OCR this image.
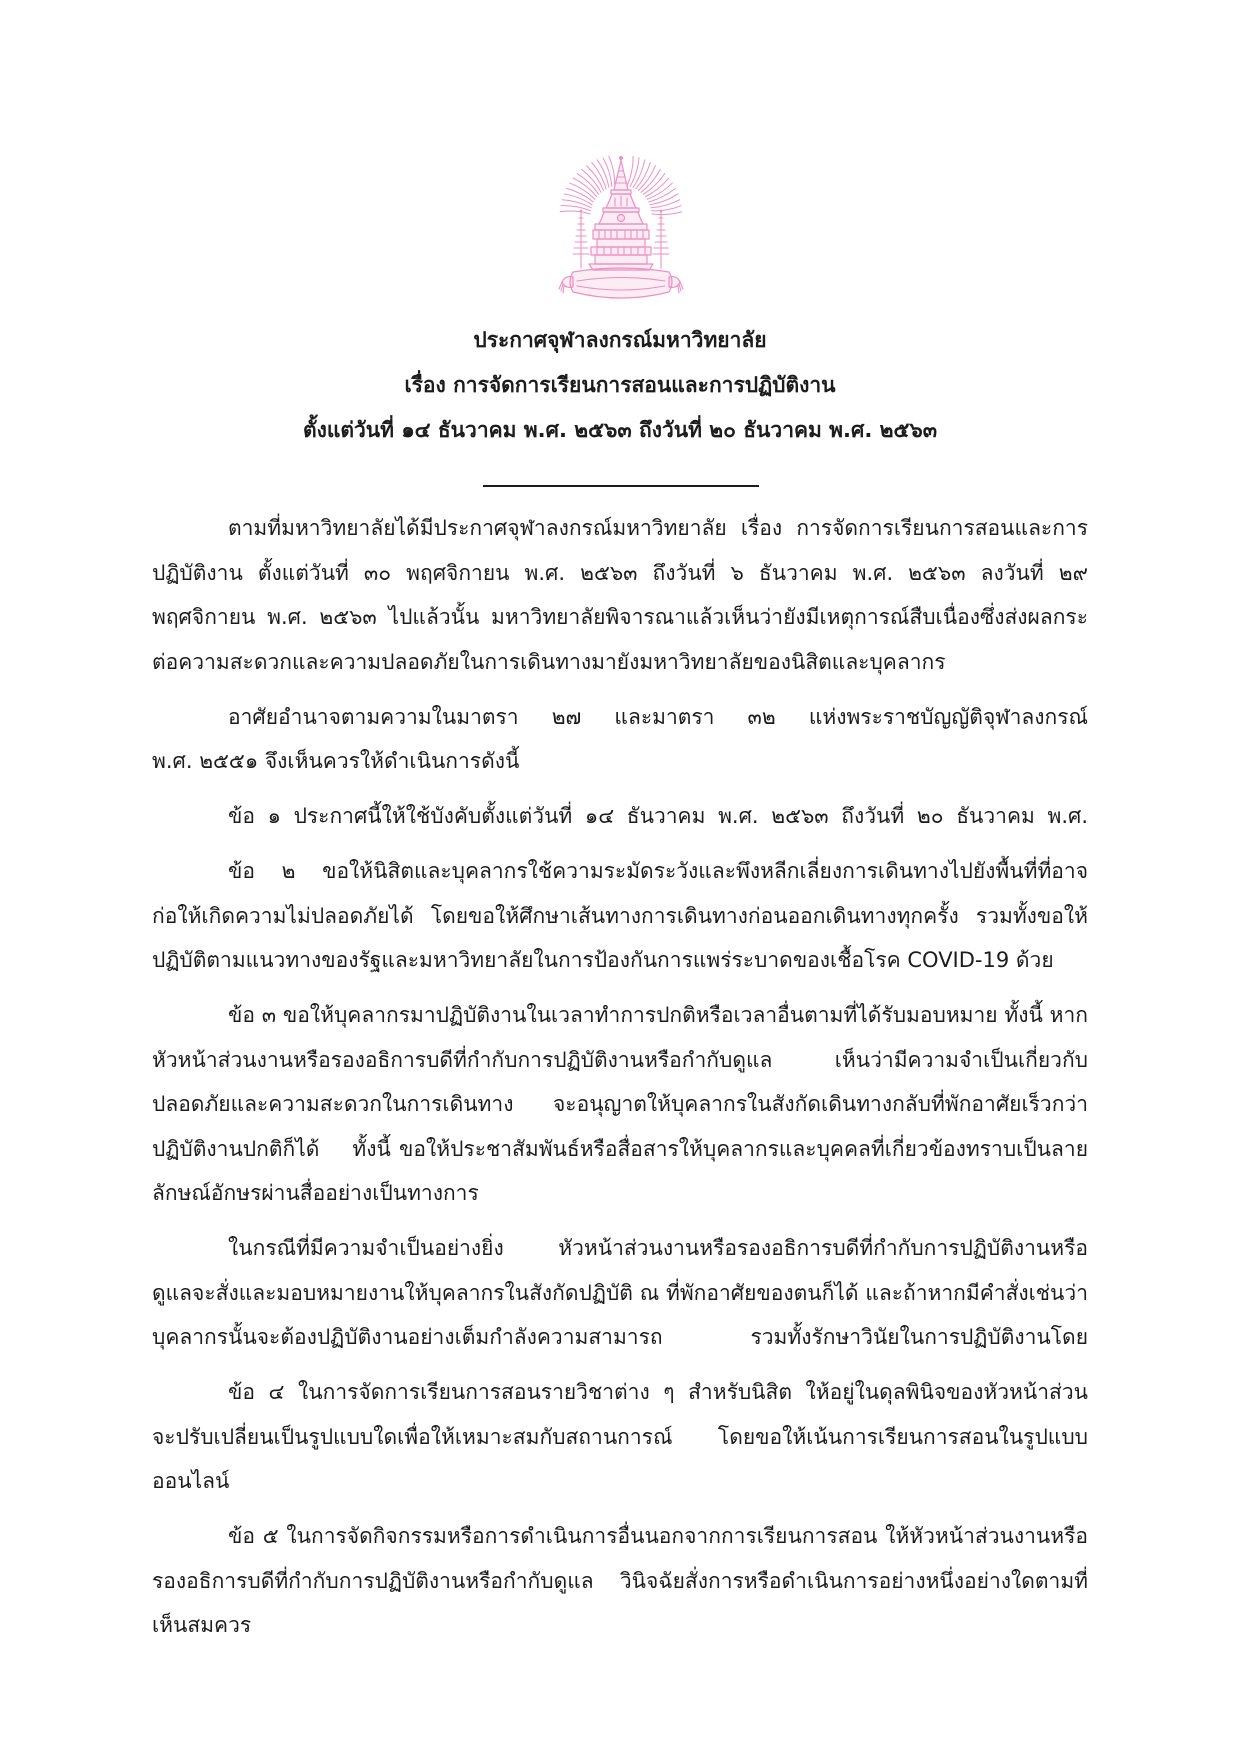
ประกาศจุฬาลงกรณ์มหาวิทยาลัย
เรื่อง การจัดการเรียนการสอนและการปฏิบัติงาน
ตั้งแต่วันที่ ๑๔ ธันวาคม พ.ศ. ๒๕๖๓ ถึงวันที่ ๒๐ ธันวาคม พ.ศ. ๒๕๖๓
ตามที่มหาวิทยาลัยได้มีประกาศจุฬาลงกรณ์มหาวิทยาลัย เรื่อง การจัดการเรียนการสอนและการ
ปฏิบัติงาน ตั้งแต่วันที่ ๓๐ พฤศจิกายน พ.ศ. ๒๕๖๓ ถึงวันที่ ๖ ธันวาคม พ.ศ. ๒๕๖๓ ลงวันที่ ๒๙
พฤศจิกายน พ.ศ. ๒๕๖๓ ไปแล้วนั้น มหาวิทยาลัยพิจารณาแล้วเห็นว่ายังมีเหตุการณ์สืบเนื่องซึ่งส่งผลกระ
ต่อความสะดวกและความปลอดภัยในการเดินทางมายังมหาวิทยาลัยของนิสิตและบุคลากร
อาศัยอำนาจตามความในมาตรา ๒๗ และมาตรา ๓๒ แห่งพระราชบัญญัติจุฬาลงกรณ์
พ.ศ. ๒๕๕๑ จึงเห็นควรให้ดำเนินการดังนี้
ข้อ ๑ ประกาศนี้ให้ใช้บังคับตั้งแต่วันที่ ๑๔ ธันวาคม พ.ศ. ๒๕๖๓ ถึงวันที่ ๒๐ ธันวาคม พ.ศ.
ข้อ ๒ ขอให้นิสิตและบุคลากรใช้ความระมัดระวังและพึงหลีกเลี่ยงการเดินทางไปยังพื้นที่ที่อาจ
ก่อให้เกิดความไม่ปลอดภัยได้ โดยขอให้ศึกษาเส้นทางการเดินทางก่อนออกเดินทางทุกครั้ง รวมทั้งขอให้
ปฏิบัติตามแนวทางของรัฐและมหาวิทยาลัยในการป้องกันการแพร่ระบาดของเชื้อโรค COVID-19 ด้วย
ข้อ ๓ ขอให้บุคลากรมาปฏิบัติงานในเวลาทำการปกติหรือเวลาอื่นตามที่ได้รับมอบหมาย ทั้งนี้ หาก
หัวหน้าส่วนงานหรือรองอธิการบดีที่กำกับการปฏิบัติงานหรือกำกับดูแล  เห็นว่ามีความจำเป็นเกี่ยวกับ
ปลอดภัยและความสะดวกในการเดินทาง จะอนุญาตให้บุคลากรในสังกัดเดินทางกลับที่พักอาศัยเร็วกว่า
ปฏิบัติงานปกติก็ได้    ทั้งนี้ ขอให้ประชาสัมพันธ์หรือสื่อสารให้บุคลากรและบุคคลที่เกี่ยวข้องทราบเป็นลาย
ลักษณ์อักษรผ่านสื่ออย่างเป็นทางการ
ในกรณีที่มีความจำเป็นอย่างยิ่ง หัวหน้าส่วนงานหรือรองอธิการบดีที่กำกับการปฏิบัติงานหรือ
ดูแลจะสั่งและมอบหมายงานให้บุคลากรในสังกัดปฏิบัติ ณ ที่พักอาศัยของตนก็ได้ และถ้าหากมีคำสั่งเช่นว่า
บุคลากรนั้นจะต้องปฏิบัติงานอย่างเต็มกำลังความสามารถ รวมทั้งรักษาวินัยในการปฏิบัติงานโดย
ข้อ ๔ ในการจัดการเรียนการสอนรายวิชาต่าง ๆ สำหรับนิสิต ให้อยู่ในดุลพินิจของหัวหน้าส่วน
จะปรับเปลี่ยนเป็นรูปแบบใดเพื่อให้เหมาะสมกับสถานการณ์ โดยขอให้เน้นการเรียนการสอนในรูปแบบ
ออนไลน์
ข้อ ๕ ในการจัดกิจกรรมหรือการดำเนินการอื่นนอกจากการเรียนการสอน ให้หัวหน้าส่วนงานหรือ
รองอธิการบดีที่กำกับการปฏิบัติงานหรือกำกับดูแล วินิจฉัยสั่งการหรือดำเนินการอย่างหนึ่งอย่างใดตามที่
เห็นสมควร
